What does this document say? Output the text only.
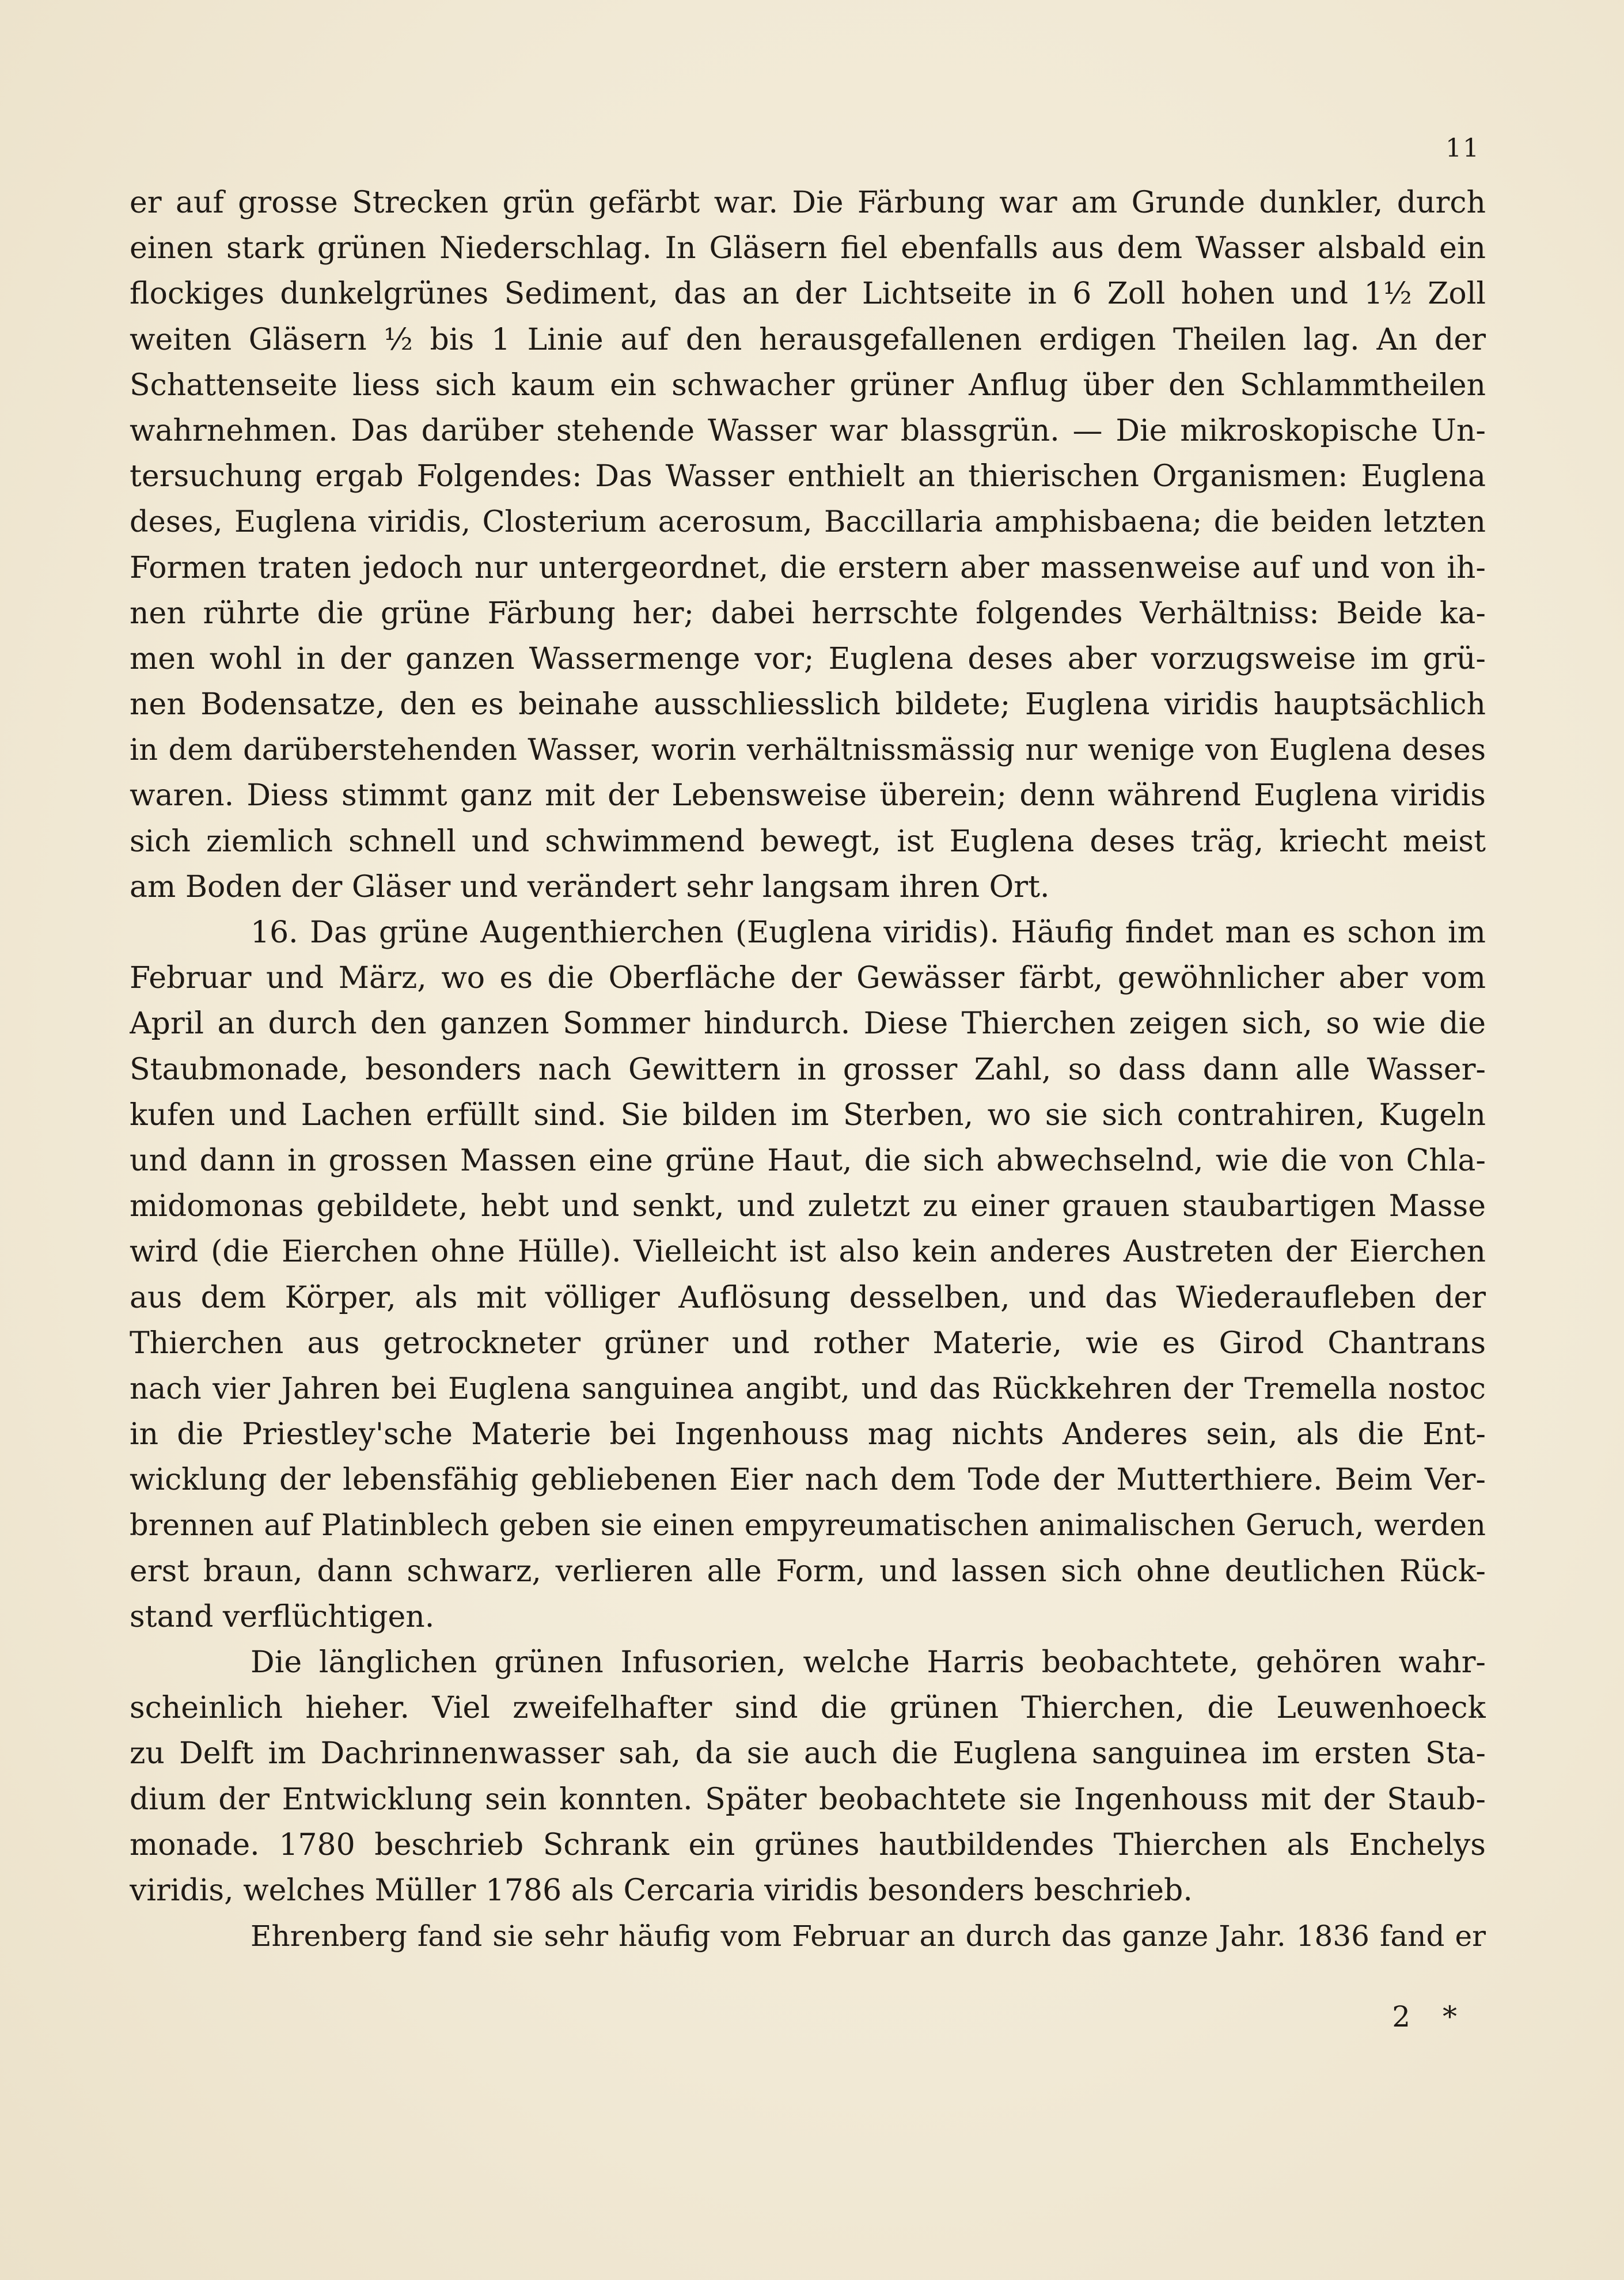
11
er auf grosse Strecken grün gefärbt war. Die Färbung war am Grunde dunkler, durch
einen stark grünen Niederschlag. In Gläsern fiel ebenfalls aus dem Wasser alsbald ein
flockiges dunkelgrünes Sediment, das an der Lichtseite in 6 Zoll hohen und 1½ Zoll
weiten Gläsern ½ bis 1 Linie auf den herausgefallenen erdigen Theilen lag. An der
Schattenseite liess sich kaum ein schwacher grüner Anflug über den Schlammtheilen
wahrnehmen. Das darüber stehende Wasser war blassgrün. — Die mikroskopische Un-
tersuchung ergab Folgendes: Das Wasser enthielt an thierischen Organismen: Euglena
deses, Euglena viridis, Closterium acerosum, Baccillaria amphisbaena; die beiden letzten
Formen traten jedoch nur untergeordnet, die erstern aber massenweise auf und von ih-
nen rührte die grüne Färbung her; dabei herrschte folgendes Verhältniss: Beide ka-
men wohl in der ganzen Wassermenge vor; Euglena deses aber vorzugsweise im grü-
nen Bodensatze, den es beinahe ausschliesslich bildete; Euglena viridis hauptsächlich
in dem darüberstehenden Wasser, worin verhältnissmässig nur wenige von Euglena deses
waren. Diess stimmt ganz mit der Lebensweise überein; denn während Euglena viridis
sich ziemlich schnell und schwimmend bewegt, ist Euglena deses träg, kriecht meist
am Boden der Gläser und verändert sehr langsam ihren Ort.
16. Das grüne Augenthierchen (Euglena viridis). Häufig findet man es schon im
Februar und März, wo es die Oberfläche der Gewässer färbt, gewöhnlicher aber vom
April an durch den ganzen Sommer hindurch. Diese Thierchen zeigen sich, so wie die
Staubmonade, besonders nach Gewittern in grosser Zahl, so dass dann alle Wasser-
kufen und Lachen erfüllt sind. Sie bilden im Sterben, wo sie sich contrahiren, Kugeln
und dann in grossen Massen eine grüne Haut, die sich abwechselnd, wie die von Chla-
midomonas gebildete, hebt und senkt, und zuletzt zu einer grauen staubartigen Masse
wird (die Eierchen ohne Hülle). Vielleicht ist also kein anderes Austreten der Eierchen
aus dem Körper, als mit völliger Auflösung desselben, und das Wiederaufleben der
Thierchen aus getrockneter grüner und rother Materie, wie es Girod Chantrans
nach vier Jahren bei Euglena sanguinea angibt, und das Rückkehren der Tremella nostoc
in die Priestley'sche Materie bei Ingenhouss mag nichts Anderes sein, als die Ent-
wicklung der lebensfähig gebliebenen Eier nach dem Tode der Mutterthiere. Beim Ver-
brennen auf Platinblech geben sie einen empyreumatischen animalischen Geruch, werden
erst braun, dann schwarz, verlieren alle Form, und lassen sich ohne deutlichen Rück-
stand verflüchtigen.
Die länglichen grünen Infusorien, welche Harris beobachtete, gehören wahr-
scheinlich hieher. Viel zweifelhafter sind die grünen Thierchen, die Leuwenhoeck
zu Delft im Dachrinnenwasser sah, da sie auch die Euglena sanguinea im ersten Sta-
dium der Entwicklung sein konnten. Später beobachtete sie Ingenhouss mit der Staub-
monade. 1780 beschrieb Schrank ein grünes hautbildendes Thierchen als Enchelys
viridis, welches Müller 1786 als Cercaria viridis besonders beschrieb.
Ehrenberg fand sie sehr häufig vom Februar an durch das ganze Jahr. 1836 fand er
2 *
